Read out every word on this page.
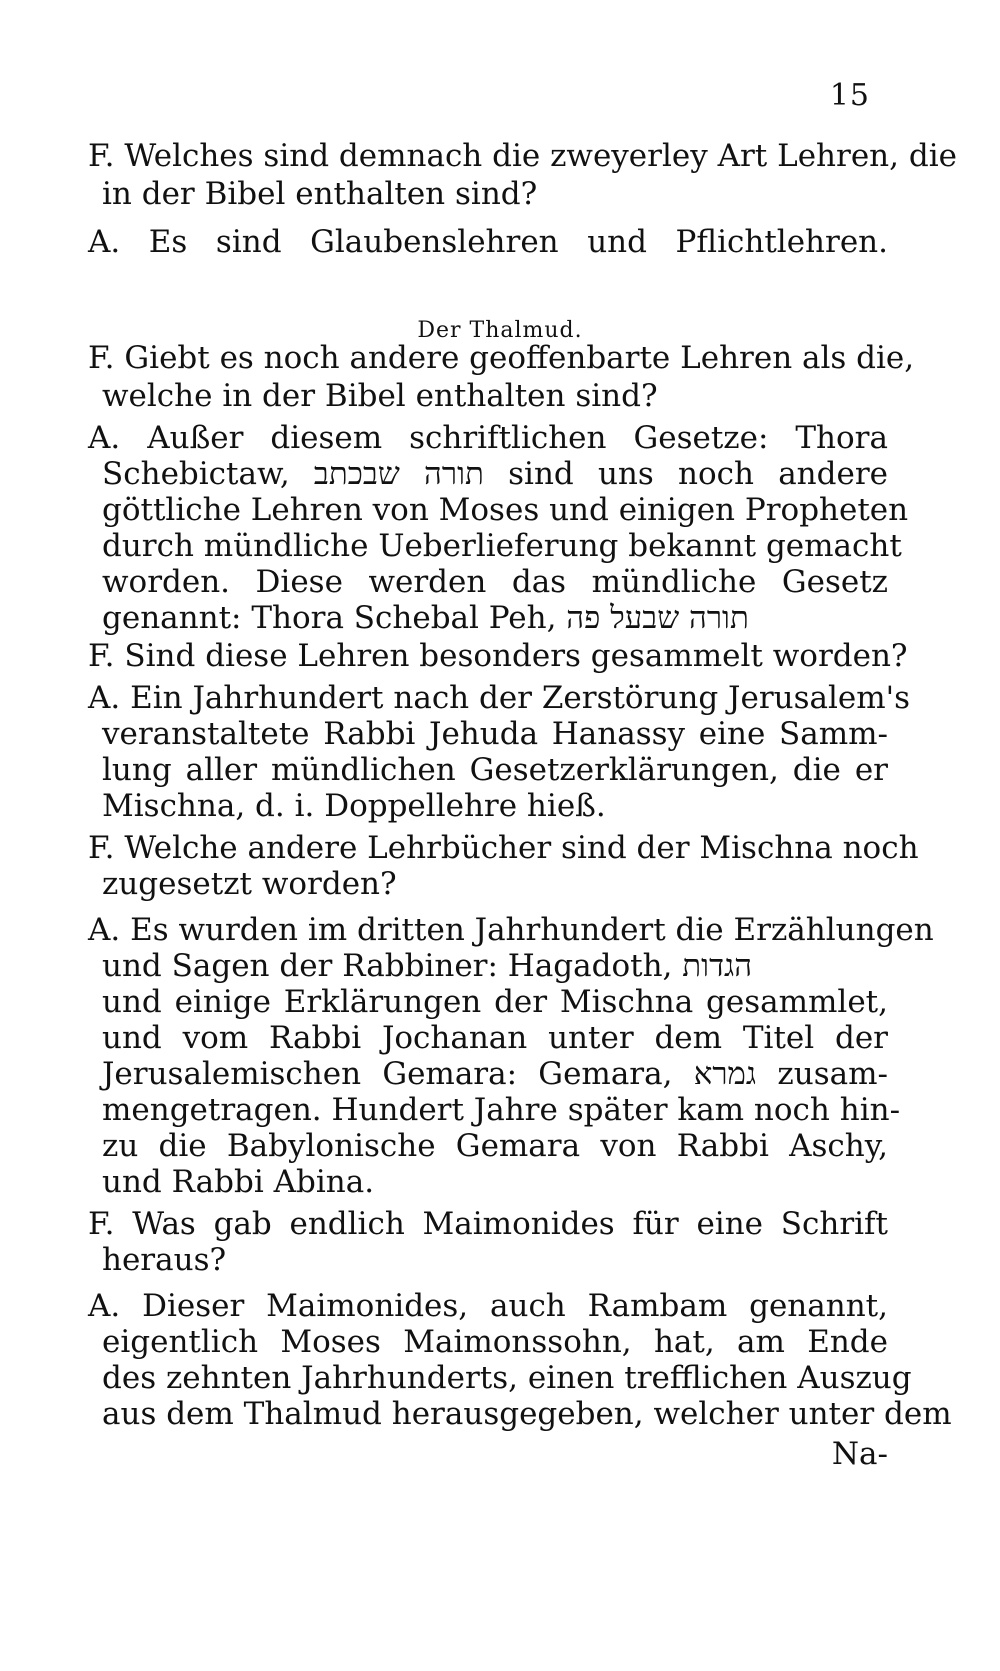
15
F. Welches sind demnach die zweyerley Art Lehren, die
in der Bibel enthalten sind?
A. Es sind Glaubenslehren und Pflichtlehren.
Der Thalmud.
F. Giebt es noch andere geoffenbarte Lehren als die,
welche in der Bibel enthalten sind?
A. Außer diesem schriftlichen Gesetze: Thora
Schebictaw, תורה שבכתב sind uns noch andere
göttliche Lehren von Moses und einigen Propheten
durch mündliche Ueberlieferung bekannt gemacht
worden. Diese werden das mündliche Gesetz
genannt: Thora Schebal Peh, תורה שבעל פה
F. Sind diese Lehren besonders gesammelt worden?
A. Ein Jahrhundert nach der Zerstörung Jerusalem's
veranstaltete Rabbi Jehuda Hanassy eine Samm-
lung aller mündlichen Gesetzerklärungen, die er
Mischna, d. i. Doppellehre hieß.
F. Welche andere Lehrbücher sind der Mischna noch
zugesetzt worden?
A. Es wurden im dritten Jahrhundert die Erzählungen
und Sagen der Rabbiner: Hagadoth, הגדות
und einige Erklärungen der Mischna gesammlet,
und vom Rabbi Jochanan unter dem Titel der
Jerusalemischen Gemara: Gemara, גמרא zusam-
mengetragen. Hundert Jahre später kam noch hin-
zu die Babylonische Gemara von Rabbi Aschy,
und Rabbi Abina.
F. Was gab endlich Maimonides für eine Schrift
heraus?
A. Dieser Maimonides, auch Rambam genannt,
eigentlich Moses Maimonssohn, hat, am Ende
des zehnten Jahrhunderts, einen trefflichen Auszug
aus dem Thalmud herausgegeben, welcher unter dem
Na-
